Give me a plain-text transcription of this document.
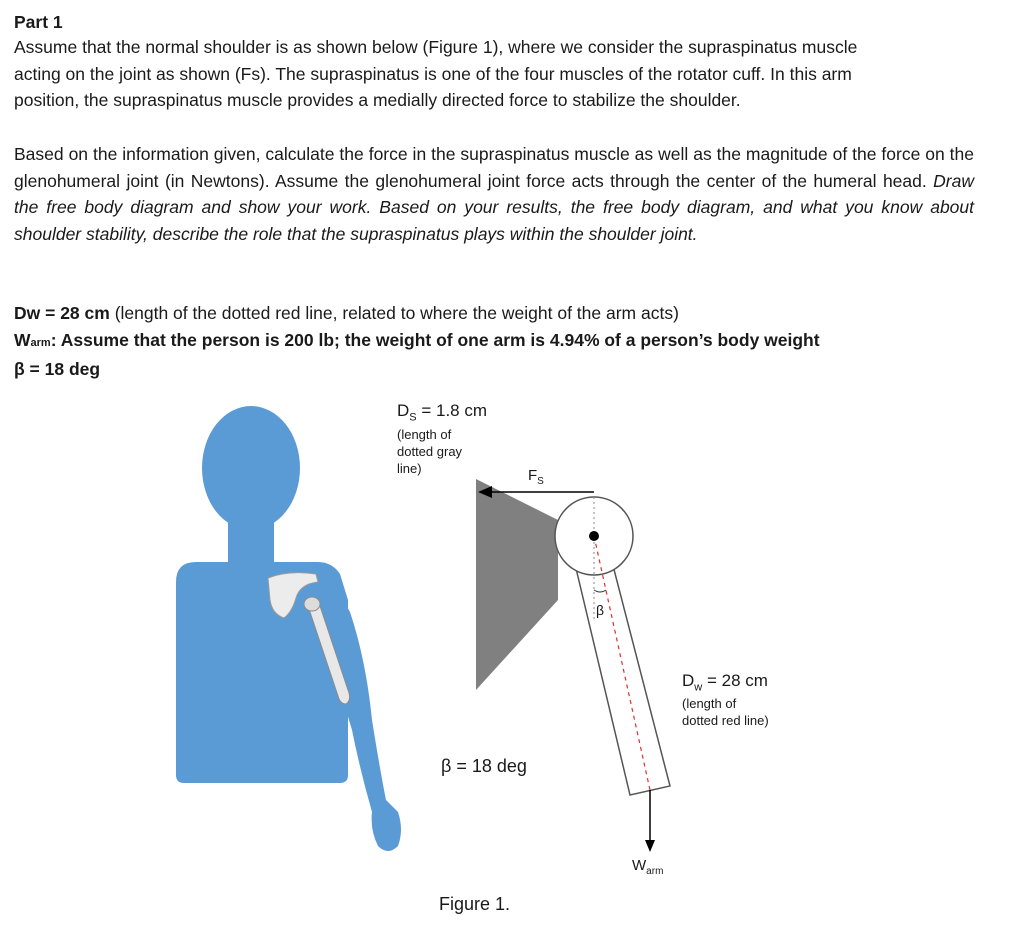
Part 1
Assume that the normal shoulder is as shown below (Figure 1), where we consider the supraspinatus muscle
acting on the joint as shown (Fs). The supraspinatus is one of the four muscles of the rotator cuff. In this arm
position, the supraspinatus muscle provides a medially directed force to stabilize the shoulder.
Based on the information given, calculate the force in the supraspinatus muscle as well as the magnitude of the force on the glenohumeral joint (in Newtons). Assume the glenohumeral joint force acts through the center of the humeral head. Draw the free body diagram and show your work. Based on your results, the free body diagram, and what you know about shoulder stability, describe the role that the supraspinatus plays within the shoulder joint.
Dw = 28 cm (length of the dotted red line, related to where the weight of the arm acts)
Warm: Assume that the person is 200 lb; the weight of one arm is 4.94% of a person’s body weight
β = 18 deg
$D_S = 1.8$ cm
(length of
dotted gray
line)	$F_S$
β
β = 18 deg
$D_w = 28$ cm
(length of
dotted red line)
$W_{arm}$
Figure 1.
